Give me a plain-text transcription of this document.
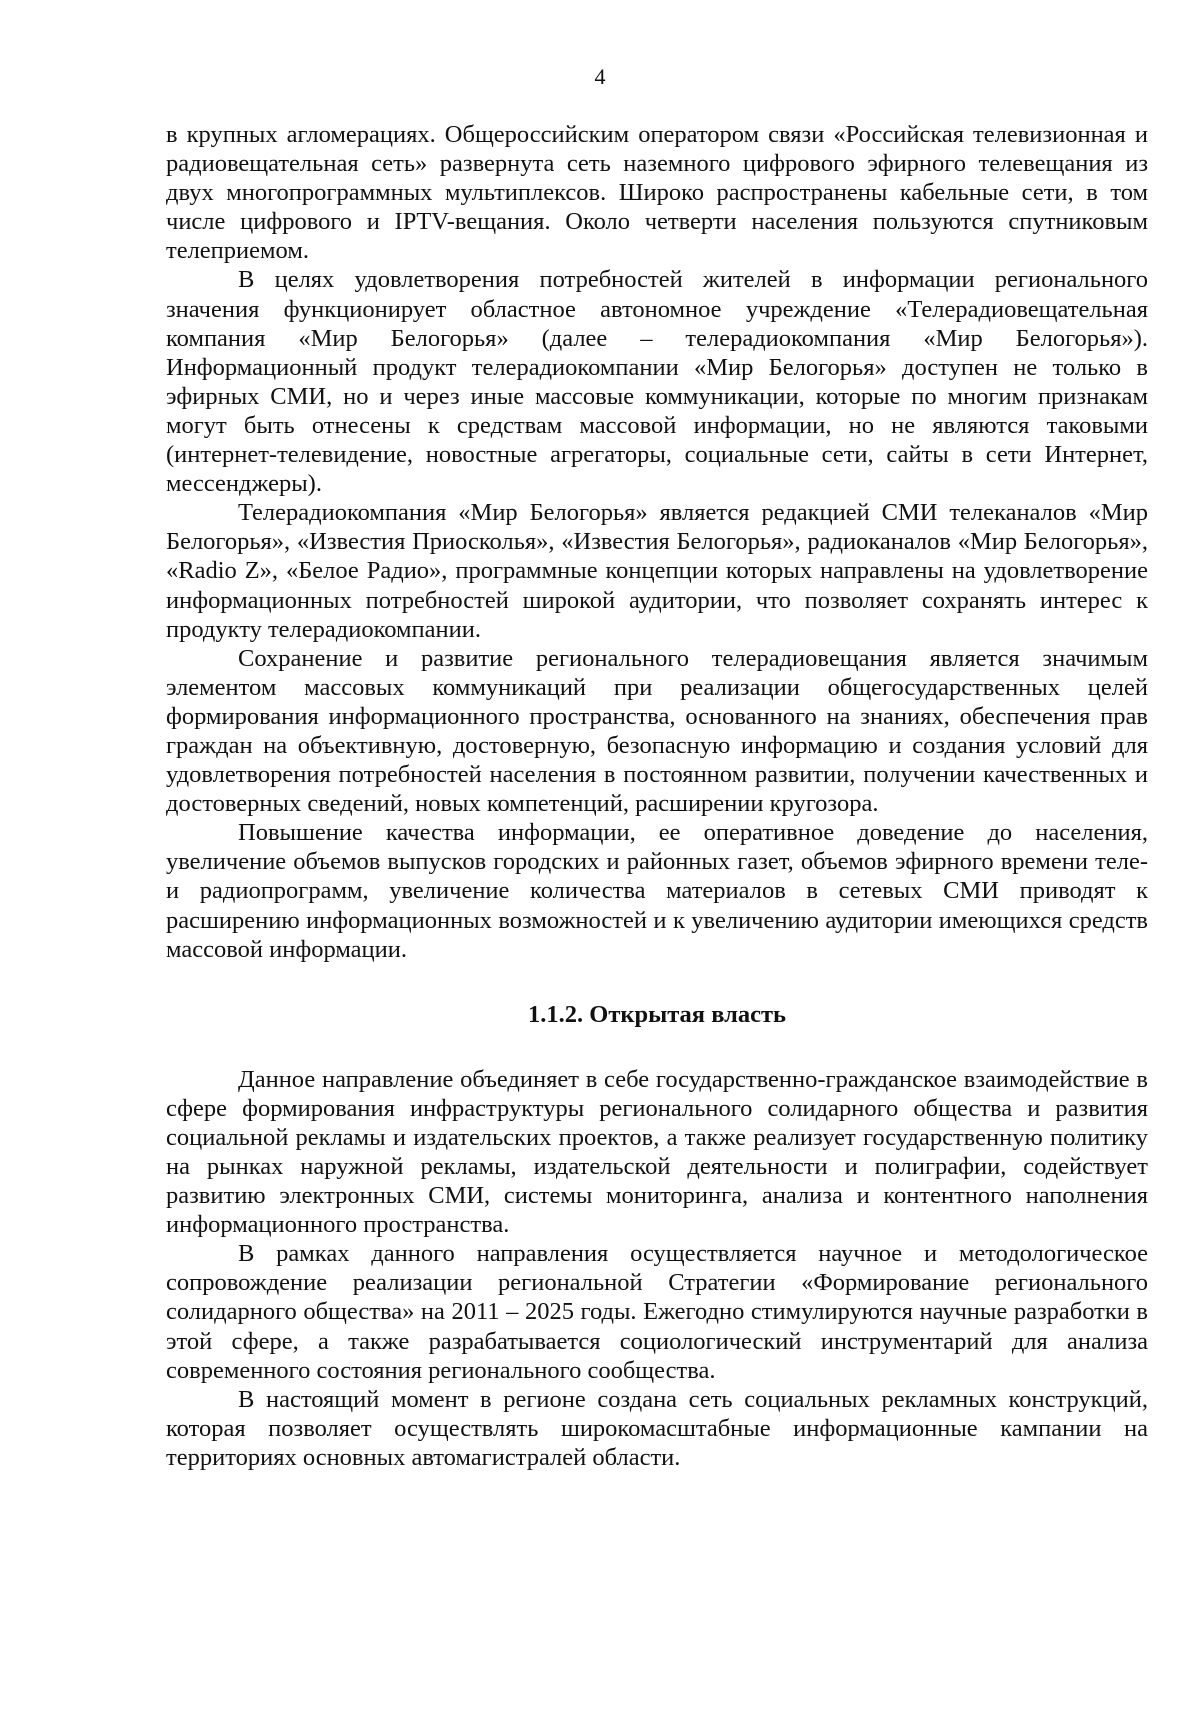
4

в крупных агломерациях. Общероссийским оператором связи «Российская телевизионная и радиовещательная сеть» развернута сеть наземного цифрового эфирного телевещания из двух многопрограммных мультиплексов. Широко распространены кабельные сети, в том числе цифрового и IPTV-вещания. Около четверти населения пользуются спутниковым телеприемом.

В целях удовлетворения потребностей жителей в информации регионального значения функционирует областное автономное учреждение «Телерадиовещательная компания «Мир Белогорья» (далее – телерадиокомпания «Мир Белогорья»). Информационный продукт телерадиокомпании «Мир Белогорья» доступен не только в эфирных СМИ, но и через иные массовые коммуникации, которые по многим признакам могут быть отнесены к средствам массовой информации, но не являются таковыми (интернет-телевидение, новостные агрегаторы, социальные сети, сайты в сети Интернет, мессенджеры).

Телерадиокомпания «Мир Белогорья» является редакцией СМИ телеканалов «Мир Белогорья», «Известия Приосколья», «Известия Белогорья», радиоканалов «Мир Белогорья», «Radio Z», «Белое Радио», программные концепции которых направлены на удовлетворение информационных потребностей широкой аудитории, что позволяет сохранять интерес к продукту телерадиокомпании.

Сохранение и развитие регионального телерадиовещания является значимым элементом массовых коммуникаций при реализации общегосударственных целей формирования информационного пространства, основанного на знаниях, обеспечения прав граждан на объективную, достоверную, безопасную информацию и создания условий для удовлетворения потребностей населения в постоянном развитии, получении качественных и достоверных сведений, новых компетенций, расширении кругозора.

Повышение качества информации, ее оперативное доведение до населения, увеличение объемов выпусков городских и районных газет, объемов эфирного времени теле- и радиопрограмм, увеличение количества материалов в сетевых СМИ приводят к расширению информационных возможностей и к увеличению аудитории имеющихся средств массовой информации.

1.1.2. Открытая власть

Данное направление объединяет в себе государственно-гражданское взаимодействие в сфере формирования инфраструктуры регионального солидарного общества и развития социальной рекламы и издательских проектов, а также реализует государственную политику на рынках наружной рекламы, издательской деятельности и полиграфии, содействует развитию электронных СМИ, системы мониторинга, анализа и контентного наполнения информационного пространства.

В рамках данного направления осуществляется научное и методологическое сопровождение реализации региональной Стратегии «Формирование регионального солидарного общества» на 2011 – 2025 годы. Ежегодно стимулируются научные разработки в этой сфере, а также разрабатывается социологический инструментарий для анализа современного состояния регионального сообщества.

В настоящий момент в регионе создана сеть социальных рекламных конструкций, которая позволяет осуществлять широкомасштабные информационные кампании на территориях основных автомагистралей области.
